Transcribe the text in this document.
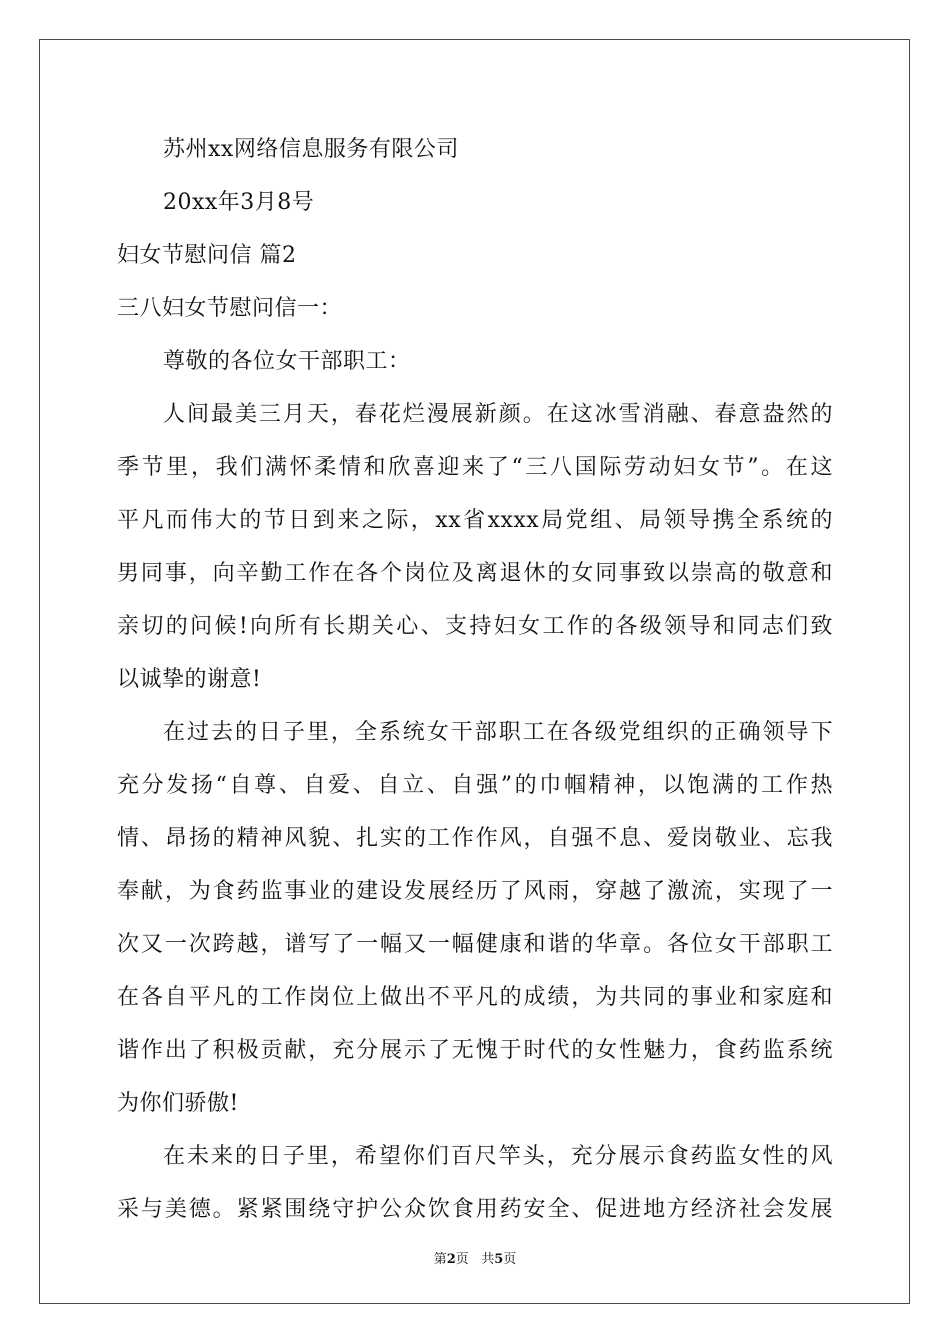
苏州xx网络信息服务有限公司
20xx年3月8号
妇女节慰问信 篇2
三八妇女节慰问信一：
尊敬的各位女干部职工：
人间最美三月天，春花烂漫展新颜。在这冰雪消融、春意盎然的
季节里，我们满怀柔情和欣喜迎来了“三八国际劳动妇女节”。在这
平凡而伟大的节日到来之际，xx省xxxx局党组、局领导携全系统的
男同事，向辛勤工作在各个岗位及离退休的女同事致以崇高的敬意和
亲切的问候!向所有长期关心、支持妇女工作的各级领导和同志们致
以诚挚的谢意!
在过去的日子里，全系统女干部职工在各级党组织的正确领导下
充分发扬“自尊、自爱、自立、自强”的巾帼精神，以饱满的工作热
情、昂扬的精神风貌、扎实的工作作风，自强不息、爱岗敬业、忘我
奉献，为食药监事业的建设发展经历了风雨，穿越了激流，实现了一
次又一次跨越，谱写了一幅又一幅健康和谐的华章。各位女干部职工
在各自平凡的工作岗位上做出不平凡的成绩，为共同的事业和家庭和
谐作出了积极贡献，充分展示了无愧于时代的女性魅力，食药监系统
为你们骄傲!
在未来的日子里，希望你们百尺竿头，充分展示食药监女性的风
采与美德。紧紧围绕守护公众饮食用药安全、促进地方经济社会发展
第2页 共5页
